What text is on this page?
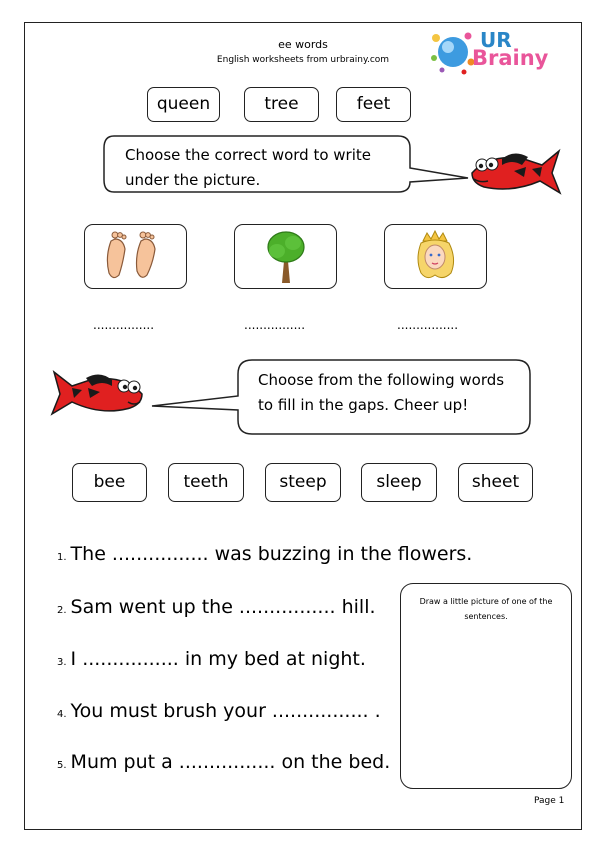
ee words
English worksheets from urbrainy.com
UR
Brainy
queen	tree	feet
Choose the correct word to write
under the picture.
................	................	................
Choose from the following words
to fill in the gaps. Cheer up!
bee	teeth	steep	sleep	sheet
1. The ................ was buzzing in the flowers.
2. Sam went up the ................ hill.
3. I ................ in my bed at night.
4. You must brush your ................ .
5. Mum put a ................ on the bed.
Draw a little picture of one of the sentences.
Page 1
